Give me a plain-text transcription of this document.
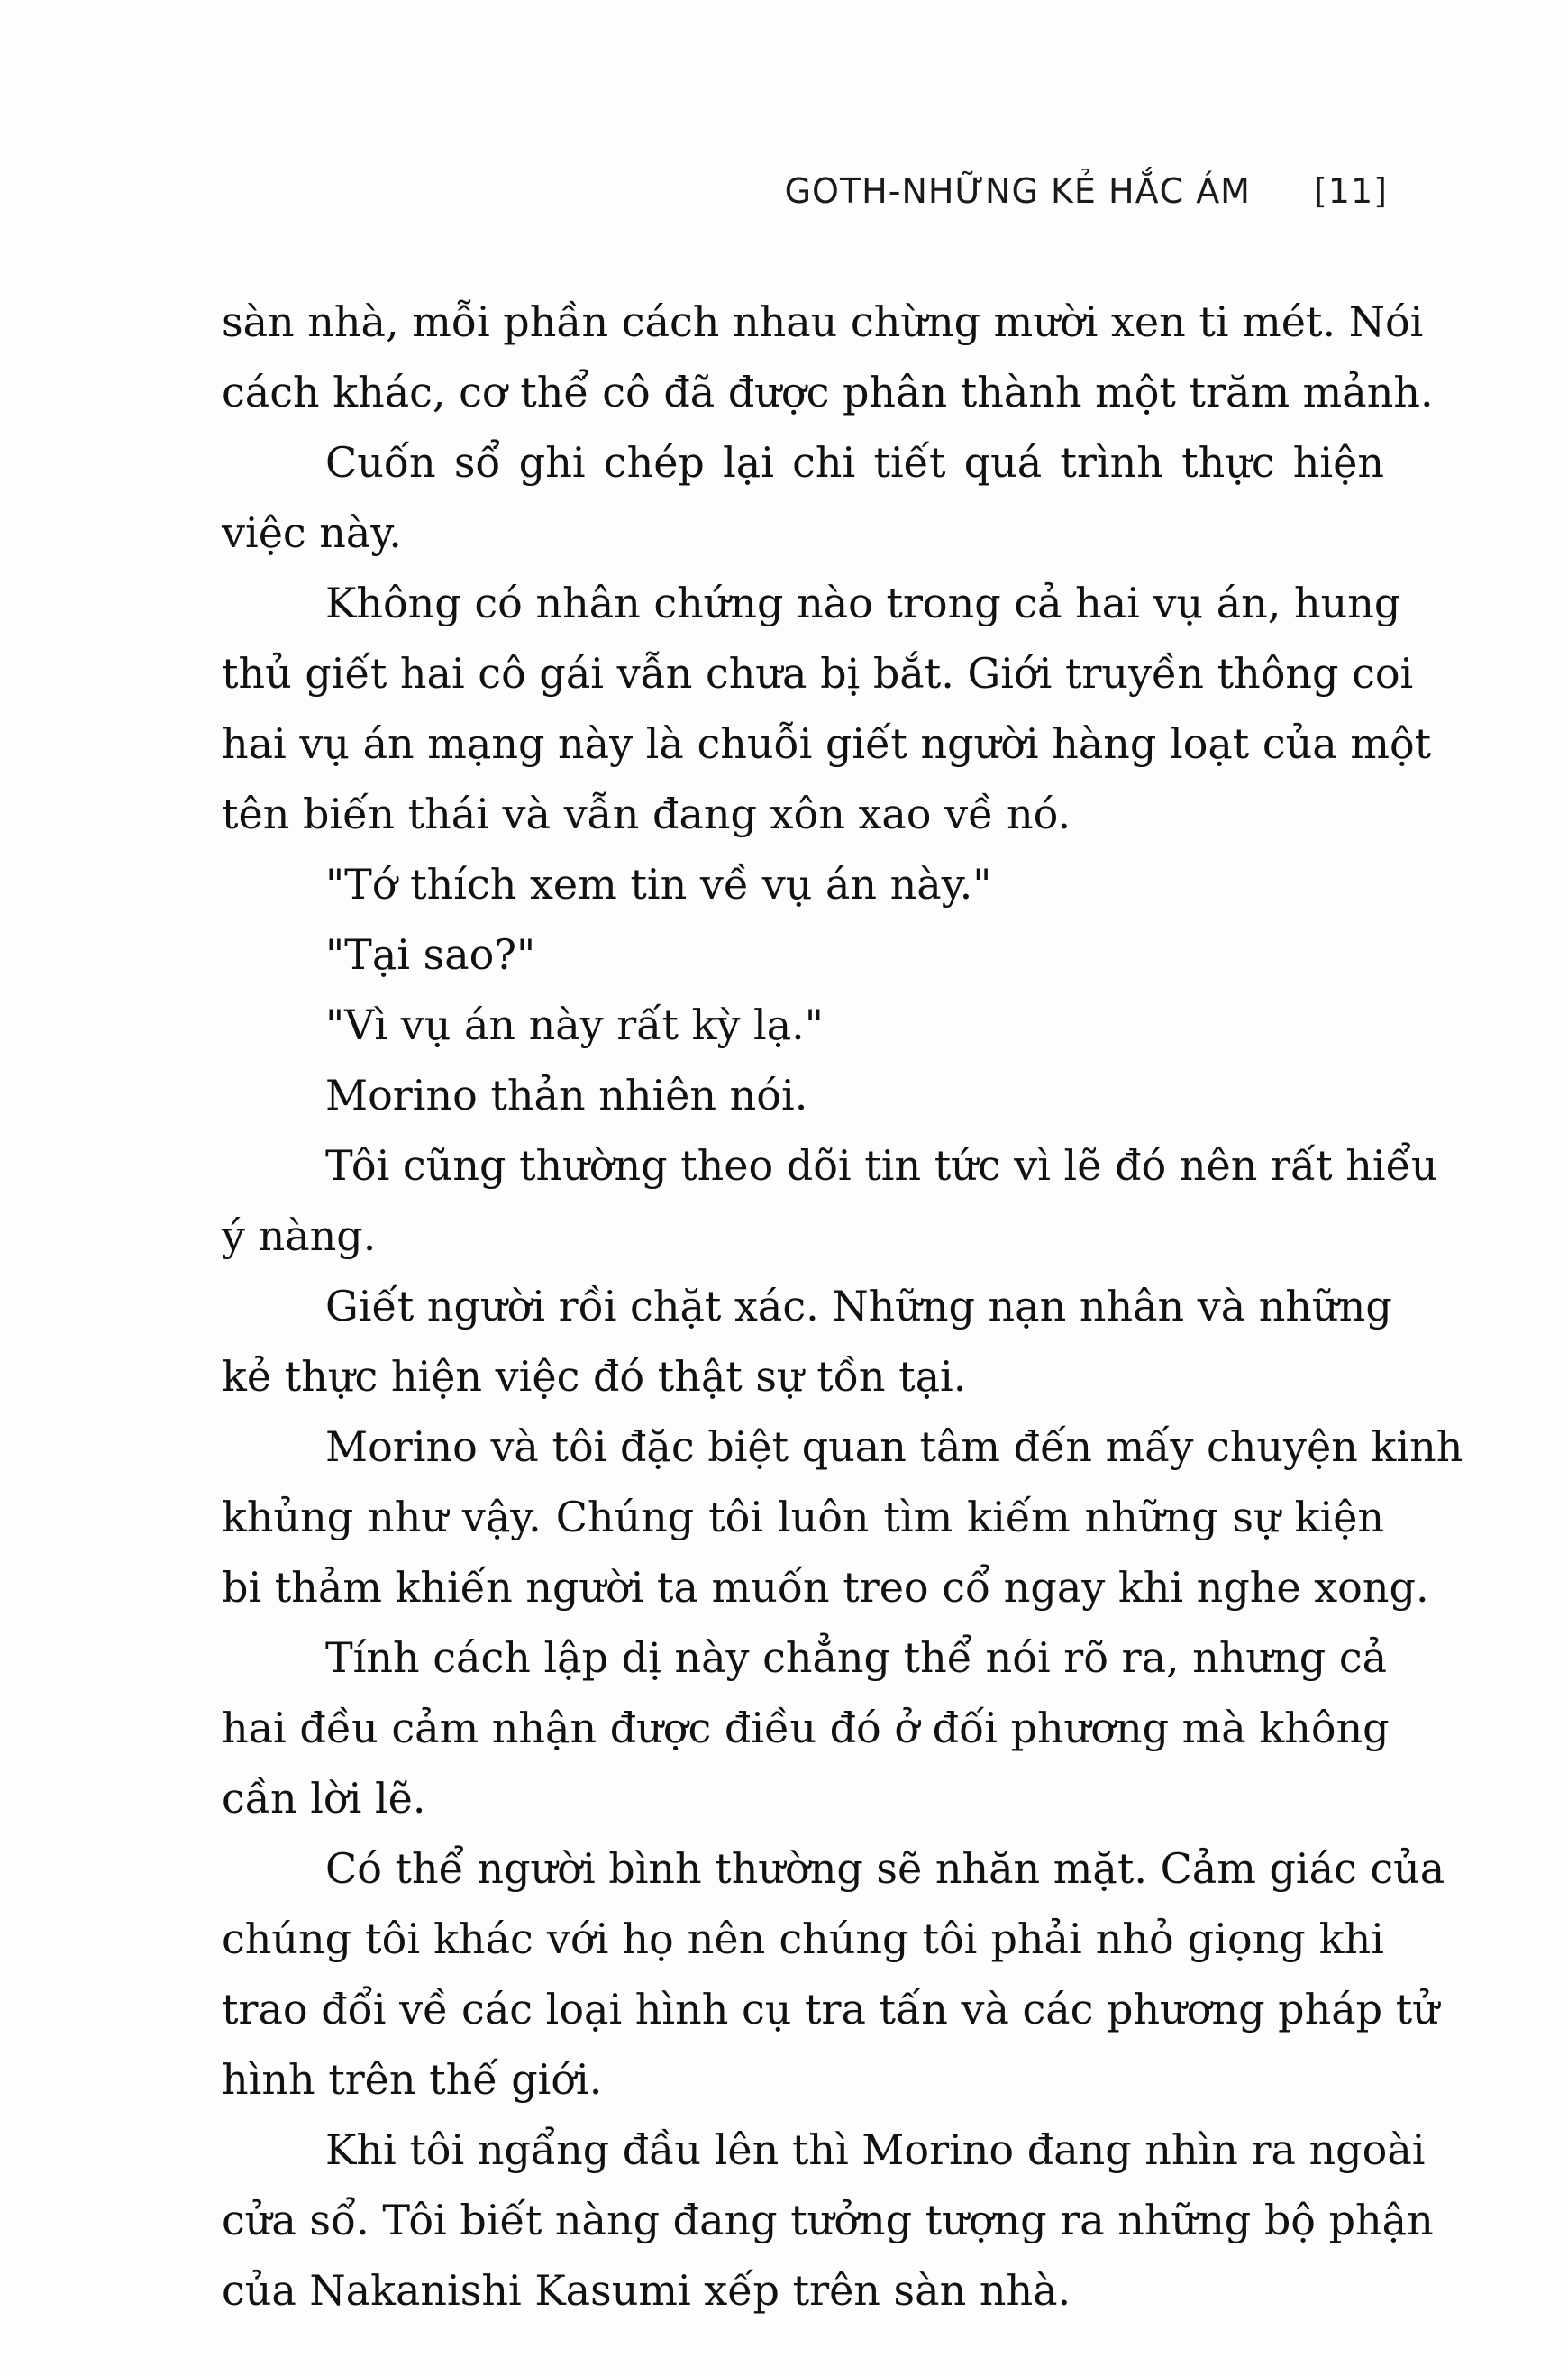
GOTH-NHỮNG KẺ HẮC ÁM [11]
sàn nhà, mỗi phần cách nhau chừng mười xen ti mét. Nói
cách khác, cơ thể cô đã được phân thành một trăm mảnh.
Cuốn sổ ghi chép lại chi tiết quá trình thực hiện
việc này.
Không có nhân chứng nào trong cả hai vụ án, hung
thủ giết hai cô gái vẫn chưa bị bắt. Giới truyền thông coi
hai vụ án mạng này là chuỗi giết người hàng loạt của một
tên biến thái và vẫn đang xôn xao về nó.
"Tớ thích xem tin về vụ án này."
"Tại sao?"
"Vì vụ án này rất kỳ lạ."
Morino thản nhiên nói.
Tôi cũng thường theo dõi tin tức vì lẽ đó nên rất hiểu
ý nàng.
Giết người rồi chặt xác. Những nạn nhân và những
kẻ thực hiện việc đó thật sự tồn tại.
Morino và tôi đặc biệt quan tâm đến mấy chuyện kinh
khủng như vậy. Chúng tôi luôn tìm kiếm những sự kiện
bi thảm khiến người ta muốn treo cổ ngay khi nghe xong.
Tính cách lập dị này chẳng thể nói rõ ra, nhưng cả
hai đều cảm nhận được điều đó ở đối phương mà không
cần lời lẽ.
Có thể người bình thường sẽ nhăn mặt. Cảm giác của
chúng tôi khác với họ nên chúng tôi phải nhỏ giọng khi
trao đổi về các loại hình cụ tra tấn và các phương pháp tử
hình trên thế giới.
Khi tôi ngẩng đầu lên thì Morino đang nhìn ra ngoài
cửa sổ. Tôi biết nàng đang tưởng tượng ra những bộ phận
của Nakanishi Kasumi xếp trên sàn nhà.
